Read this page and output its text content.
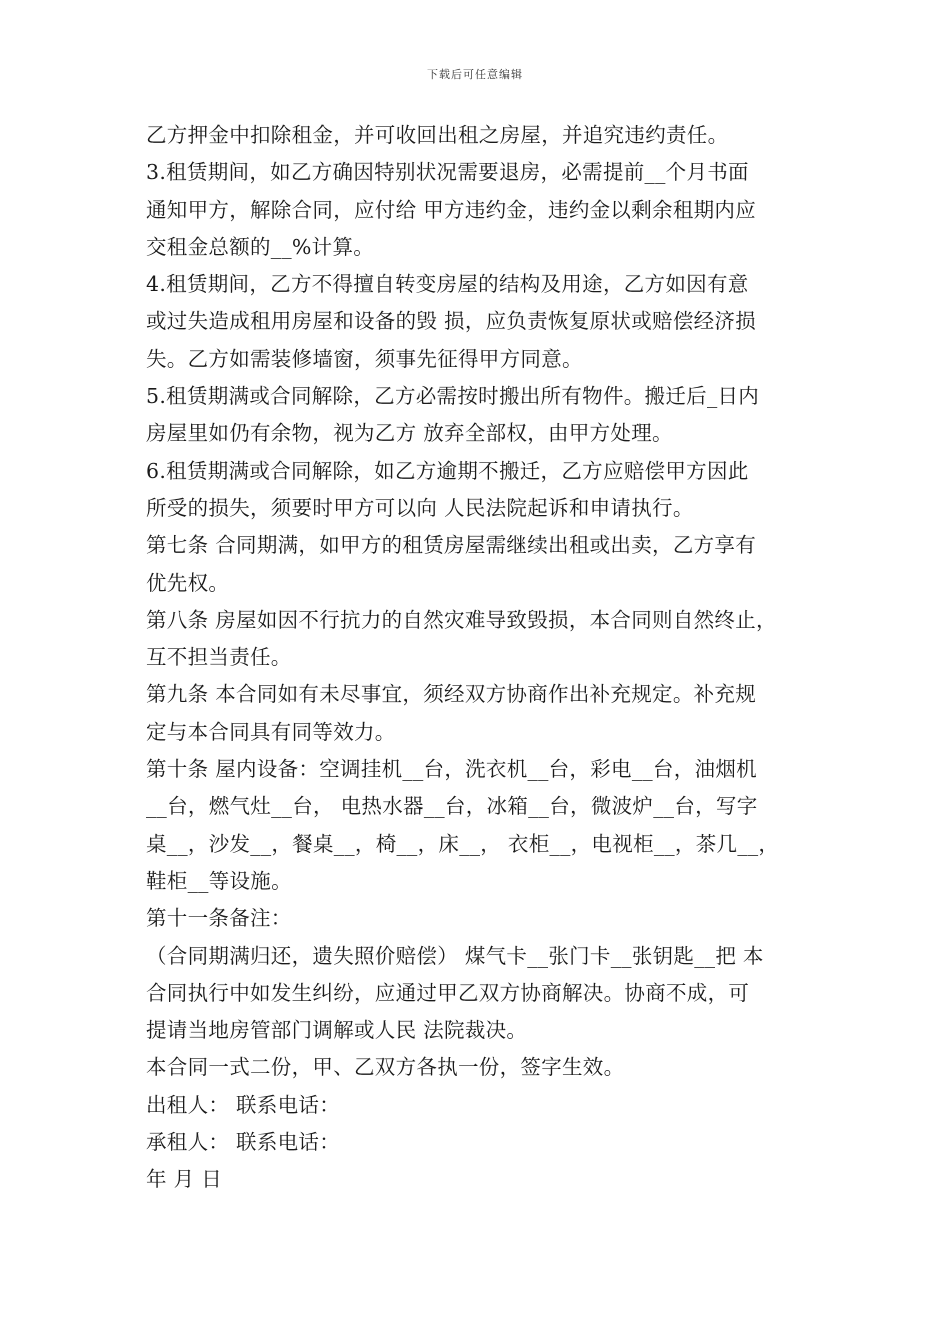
下载后可任意编辑
乙方押金中扣除租金，并可收回出租之房屋，并追究违约责任。
3.租赁期间，如乙方确因特别状况需要退房，必需提前__个月书面
通知甲方，解除合同，应付给 甲方违约金，违约金以剩余租期内应
交租金总额的__%计算。
4.租赁期间，乙方不得擅自转变房屋的结构及用途，乙方如因有意
或过失造成租用房屋和设备的毁 损，应负责恢复原状或赔偿经济损
失。乙方如需装修墙窗，须事先征得甲方同意。
5.租赁期满或合同解除，乙方必需按时搬出所有物件。搬迁后_日内
房屋里如仍有余物，视为乙方 放弃全部权，由甲方处理。
6.租赁期满或合同解除，如乙方逾期不搬迁，乙方应赔偿甲方因此
所受的损失，须要时甲方可以向 人民法院起诉和申请执行。
第七条 合同期满，如甲方的租赁房屋需继续出租或出卖，乙方享有
优先权。
第八条 房屋如因不行抗力的自然灾难导致毁损，本合同则自然终止，
互不担当责任。
第九条 本合同如有未尽事宜，须经双方协商作出补充规定。补充规
定与本合同具有同等效力。
第十条 屋内设备：空调挂机__台，洗衣机__台，彩电__台，油烟机
__台，燃气灶__台， 电热水器__台，冰箱__台，微波炉__台，写字
桌__，沙发__，餐桌__，椅__，床__， 衣柜__，电视柜__，茶几__，
鞋柜__等设施。
第十一条备注：
（合同期满归还，遗失照价赔偿） 煤气卡__张门卡__张钥匙__把 本
合同执行中如发生纠纷，应通过甲乙双方协商解决。协商不成，可
提请当地房管部门调解或人民 法院裁决。
本合同一式二份，甲、乙双方各执一份，签字生效。
出租人： 联系电话：
承租人： 联系电话：
年 月 日
